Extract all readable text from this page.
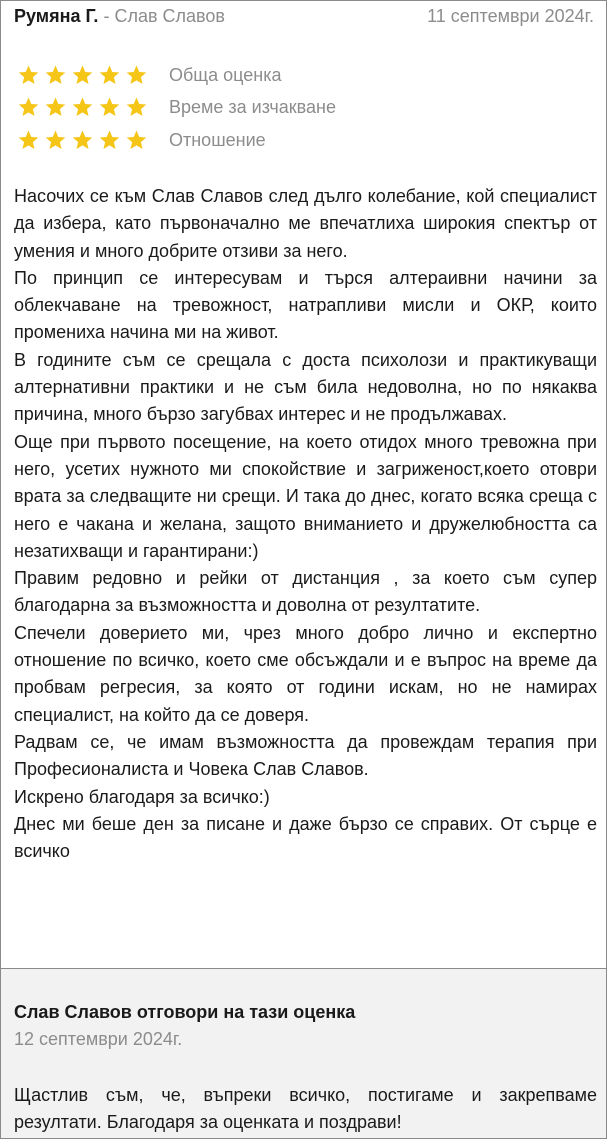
Румяна Г. - Слав Славов	11 септември 2024г.
Обща оценка
Време за изчакване
Отношение

Насочих се към Слав Славов след дълго колебание, кой специалист да избера, като първоначално ме впечатлиха широкия спектър от умения и много добрите отзиви за него.

По принцип се интересувам и търся алтераивни начини за облекчаване на тревожност, натрапливи мисли и ОКР, които промениха начина ми на живот.

В годините съм се срещала с доста психолози и практикуващи алтернативни практики и не съм била недоволна, но по някаква причина, много бързо загубвах интерес и не продължавах.

Още при първото посещение, на което отидох много тревожна при него, усетих нужното ми спокойствие и загриженост,което отоври врата за следващите ни срещи. И така до днес, когато всяка среща с него е чакана и желана, защото вниманието и дружелюбността са незатихващи и гарантирани:)

Правим редовно и рейки от дистанция , за което съм супер благодарна за възможността и доволна от резултатите.

Спечели доверието ми, чрез много добро лично и експертно отношение по всичко, което сме обсъждали и е въпрос на време да пробвам регресия, за която от години искам, но не намирах специалист, на който да се доверя.

Радвам се, че имам възможността да провеждам терапия при Професионалиста и Човека Слав Славов.

Искрено благодаря за всичко:)

Днес ми беше ден за писане и даже бързо се справих. От сърце е всичко

Слав Славов отговори на тази оценка
12 септември 2024г.
Щастлив съм, че, въпреки всичко, постигаме и закрепваме резултати. Благодаря за оценката и поздрави!
